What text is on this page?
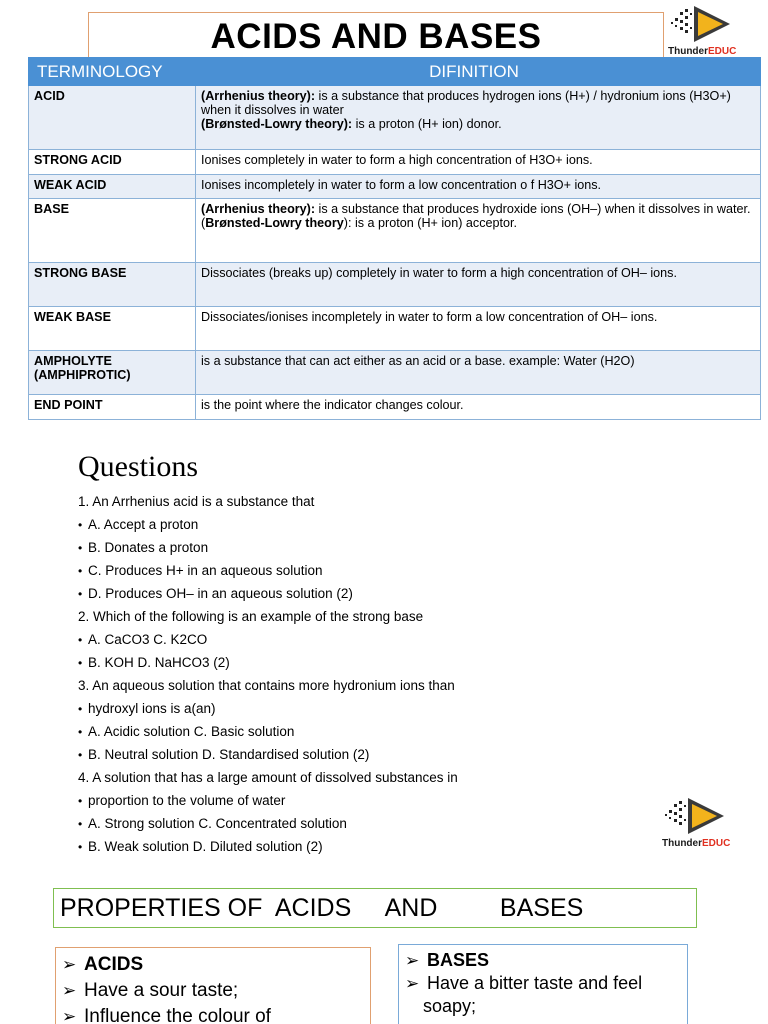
ACIDS AND BASES	ThunderEDUC
TERMINOLOGY	DIFINITION
ACID	(Arrhenius theory): is a substance that produces hydrogen ions (H+) / hydronium ions (H3O+) when it dissolves in water
(Brønsted-Lowry theory): is a proton (H+ ion) donor.

STRONG ACID	Ionises completely in water to form a high concentration of H3O+ ions.
WEAK ACID	Ionises incompletely in water to form a low concentration o f H3O+ ions.
BASE	(Arrhenius theory): is a substance that produces hydroxide ions (OH–) when it dissolves in water.
(Brønsted-Lowry theory): is a proton (H+ ion) acceptor.

STRONG BASE	Dissociates (breaks up) completely in water to form a high concentration of OH– ions.
WEAK BASE	Dissociates/ionises incompletely in water to form a low concentration of OH– ions.
AMPHOLYTE (AMPHIPROTIC)	is a substance that can act either as an acid or a base. example: Water (H2O)
END POINT	is the point where the indicator changes colour.
Questions
1. An Arrhenius acid is a substance that
• A. Accept a proton
• B. Donates a proton
• C. Produces H+ in an aqueous solution
• D. Produces OH– in an aqueous solution (2)
2. Which of the following is an example of the strong base
• A. CaCO3 C. K2CO
• B. KOH D. NaHCO3 (2)
3. An aqueous solution that contains more hydronium ions than
• hydroxyl ions is a(an)
• A. Acidic solution C. Basic solution
• B. Neutral solution D. Standardised solution (2)
4. A solution that has a large amount of dissolved substances in
• proportion to the volume of water
• A. Strong solution C. Concentrated solution
• B. Weak solution D. Diluted solution (2)	ThunderEDUC
PROPERTIES OF  ACIDS     AND         BASES
➢ ACIDS
➢ Have a sour taste;
➢ Influence the colour of
➢ BASES
➢ Have a bitter taste and feel
soapy;
